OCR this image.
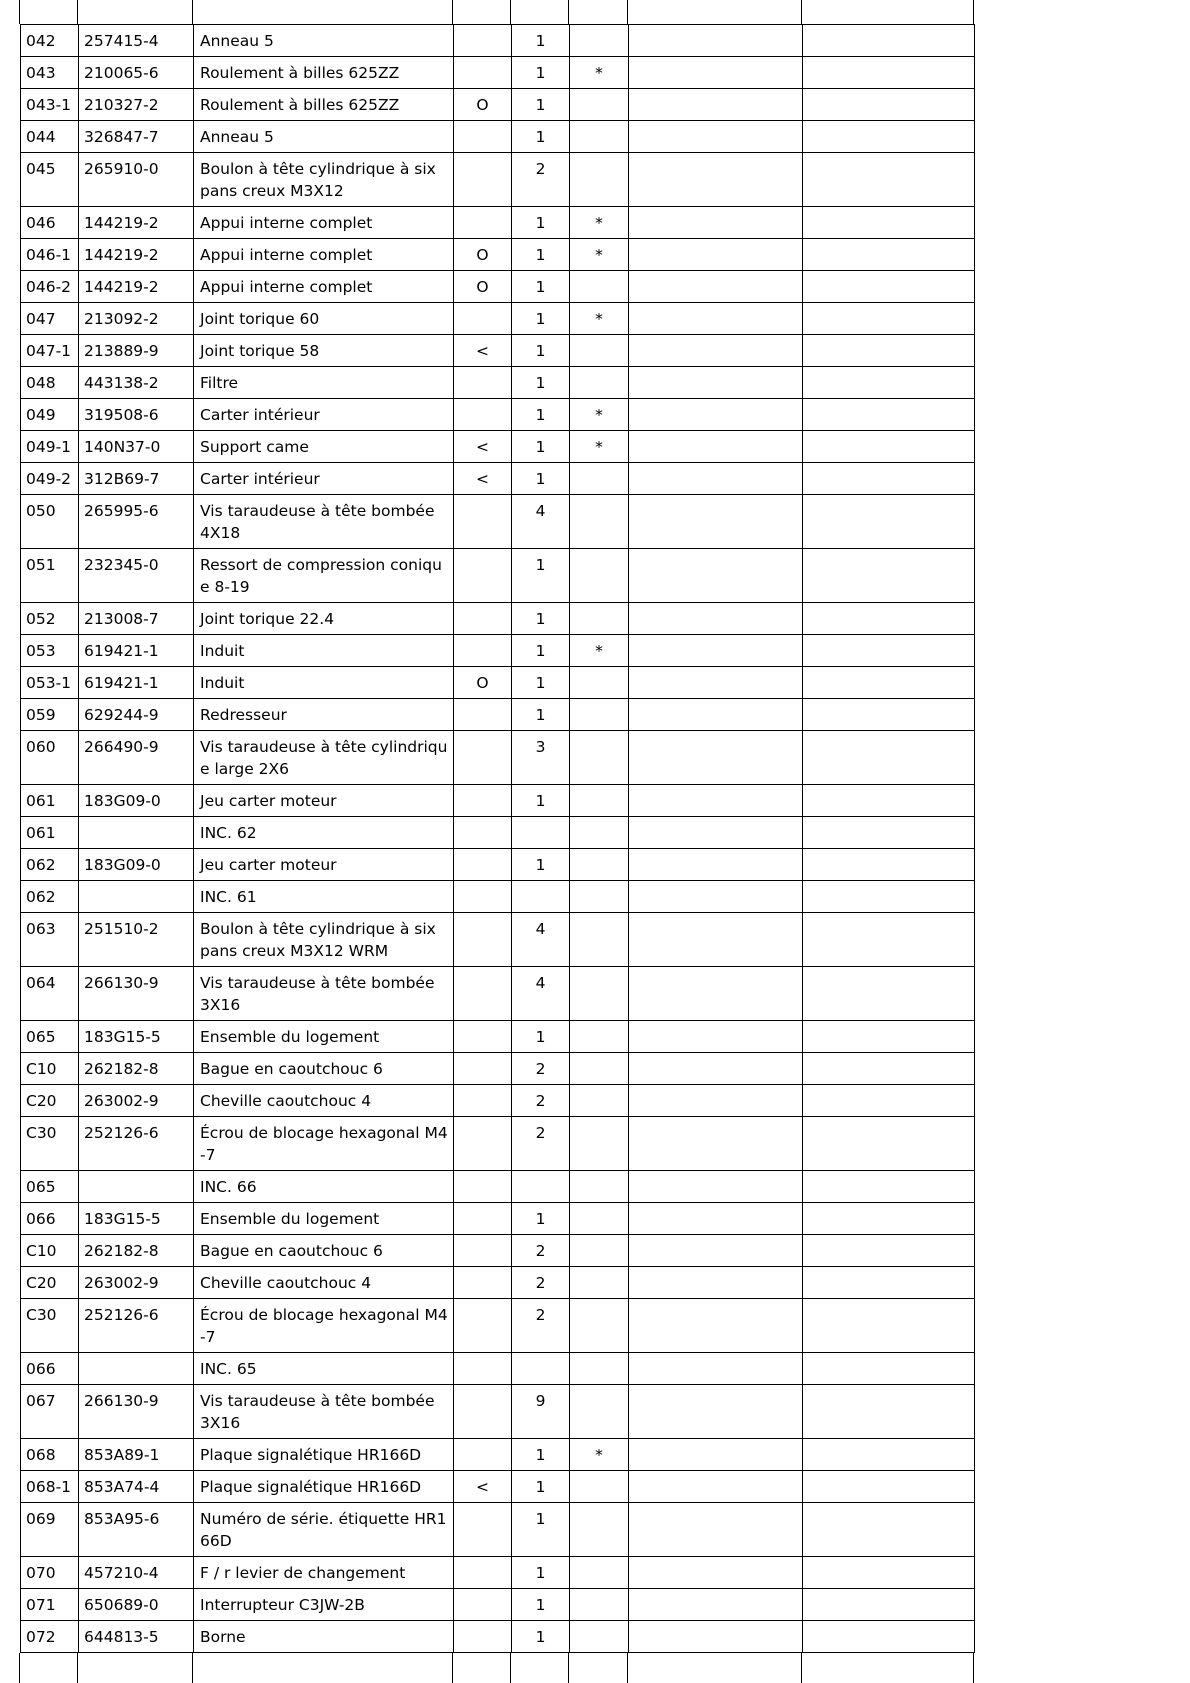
042	257415-4	Anneau 5		1			
043	210065-6	Roulement à billes 625ZZ		1	*		
043-1	210327-2	Roulement à billes 625ZZ	O	1			
044	326847-7	Anneau 5		1			
045	265910-0	Boulon à tête cylindrique à six pans creux M3X12		2			
046	144219-2	Appui interne complet		1	*		
046-1	144219-2	Appui interne complet	O	1	*		
046-2	144219-2	Appui interne complet	O	1			
047	213092-2	Joint torique 60		1	*		
047-1	213889-9	Joint torique 58	<	1			
048	443138-2	Filtre		1			
049	319508-6	Carter intérieur		1	*		
049-1	140N37-0	Support came	<	1	*		
049-2	312B69-7	Carter intérieur	<	1			
050	265995-6	Vis taraudeuse à tête bombée 4X18		4			
051	232345-0	Ressort de compression conique 8-19		1			
052	213008-7	Joint torique 22.4		1			
053	619421-1	Induit		1	*		
053-1	619421-1	Induit	O	1			
059	629244-9	Redresseur		1			
060	266490-9	Vis taraudeuse à tête cylindrique large 2X6		3			
061	183G09-0	Jeu carter moteur		1			
061		INC. 62					
062	183G09-0	Jeu carter moteur		1			
062		INC. 61					
063	251510-2	Boulon à tête cylindrique à six pans creux M3X12 WRM		4			
064	266130-9	Vis taraudeuse à tête bombée 3X16		4			
065	183G15-5	Ensemble du logement		1			
C10	262182-8	Bague en caoutchouc 6		2			
C20	263002-9	Cheville caoutchouc 4		2			
C30	252126-6	Écrou de blocage hexagonal M4-7		2			
065		INC. 66					
066	183G15-5	Ensemble du logement		1			
C10	262182-8	Bague en caoutchouc 6		2			
C20	263002-9	Cheville caoutchouc 4		2			
C30	252126-6	Écrou de blocage hexagonal M4-7		2			
066		INC. 65					
067	266130-9	Vis taraudeuse à tête bombée 3X16		9			
068	853A89-1	Plaque signalétique HR166D		1	*		
068-1	853A74-4	Plaque signalétique HR166D	<	1			
069	853A95-6	Numéro de série. étiquette HR166D		1			
070	457210-4	F / r levier de changement		1			
071	650689-0	Interrupteur C3JW-2B		1			
072	644813-5	Borne		1			
